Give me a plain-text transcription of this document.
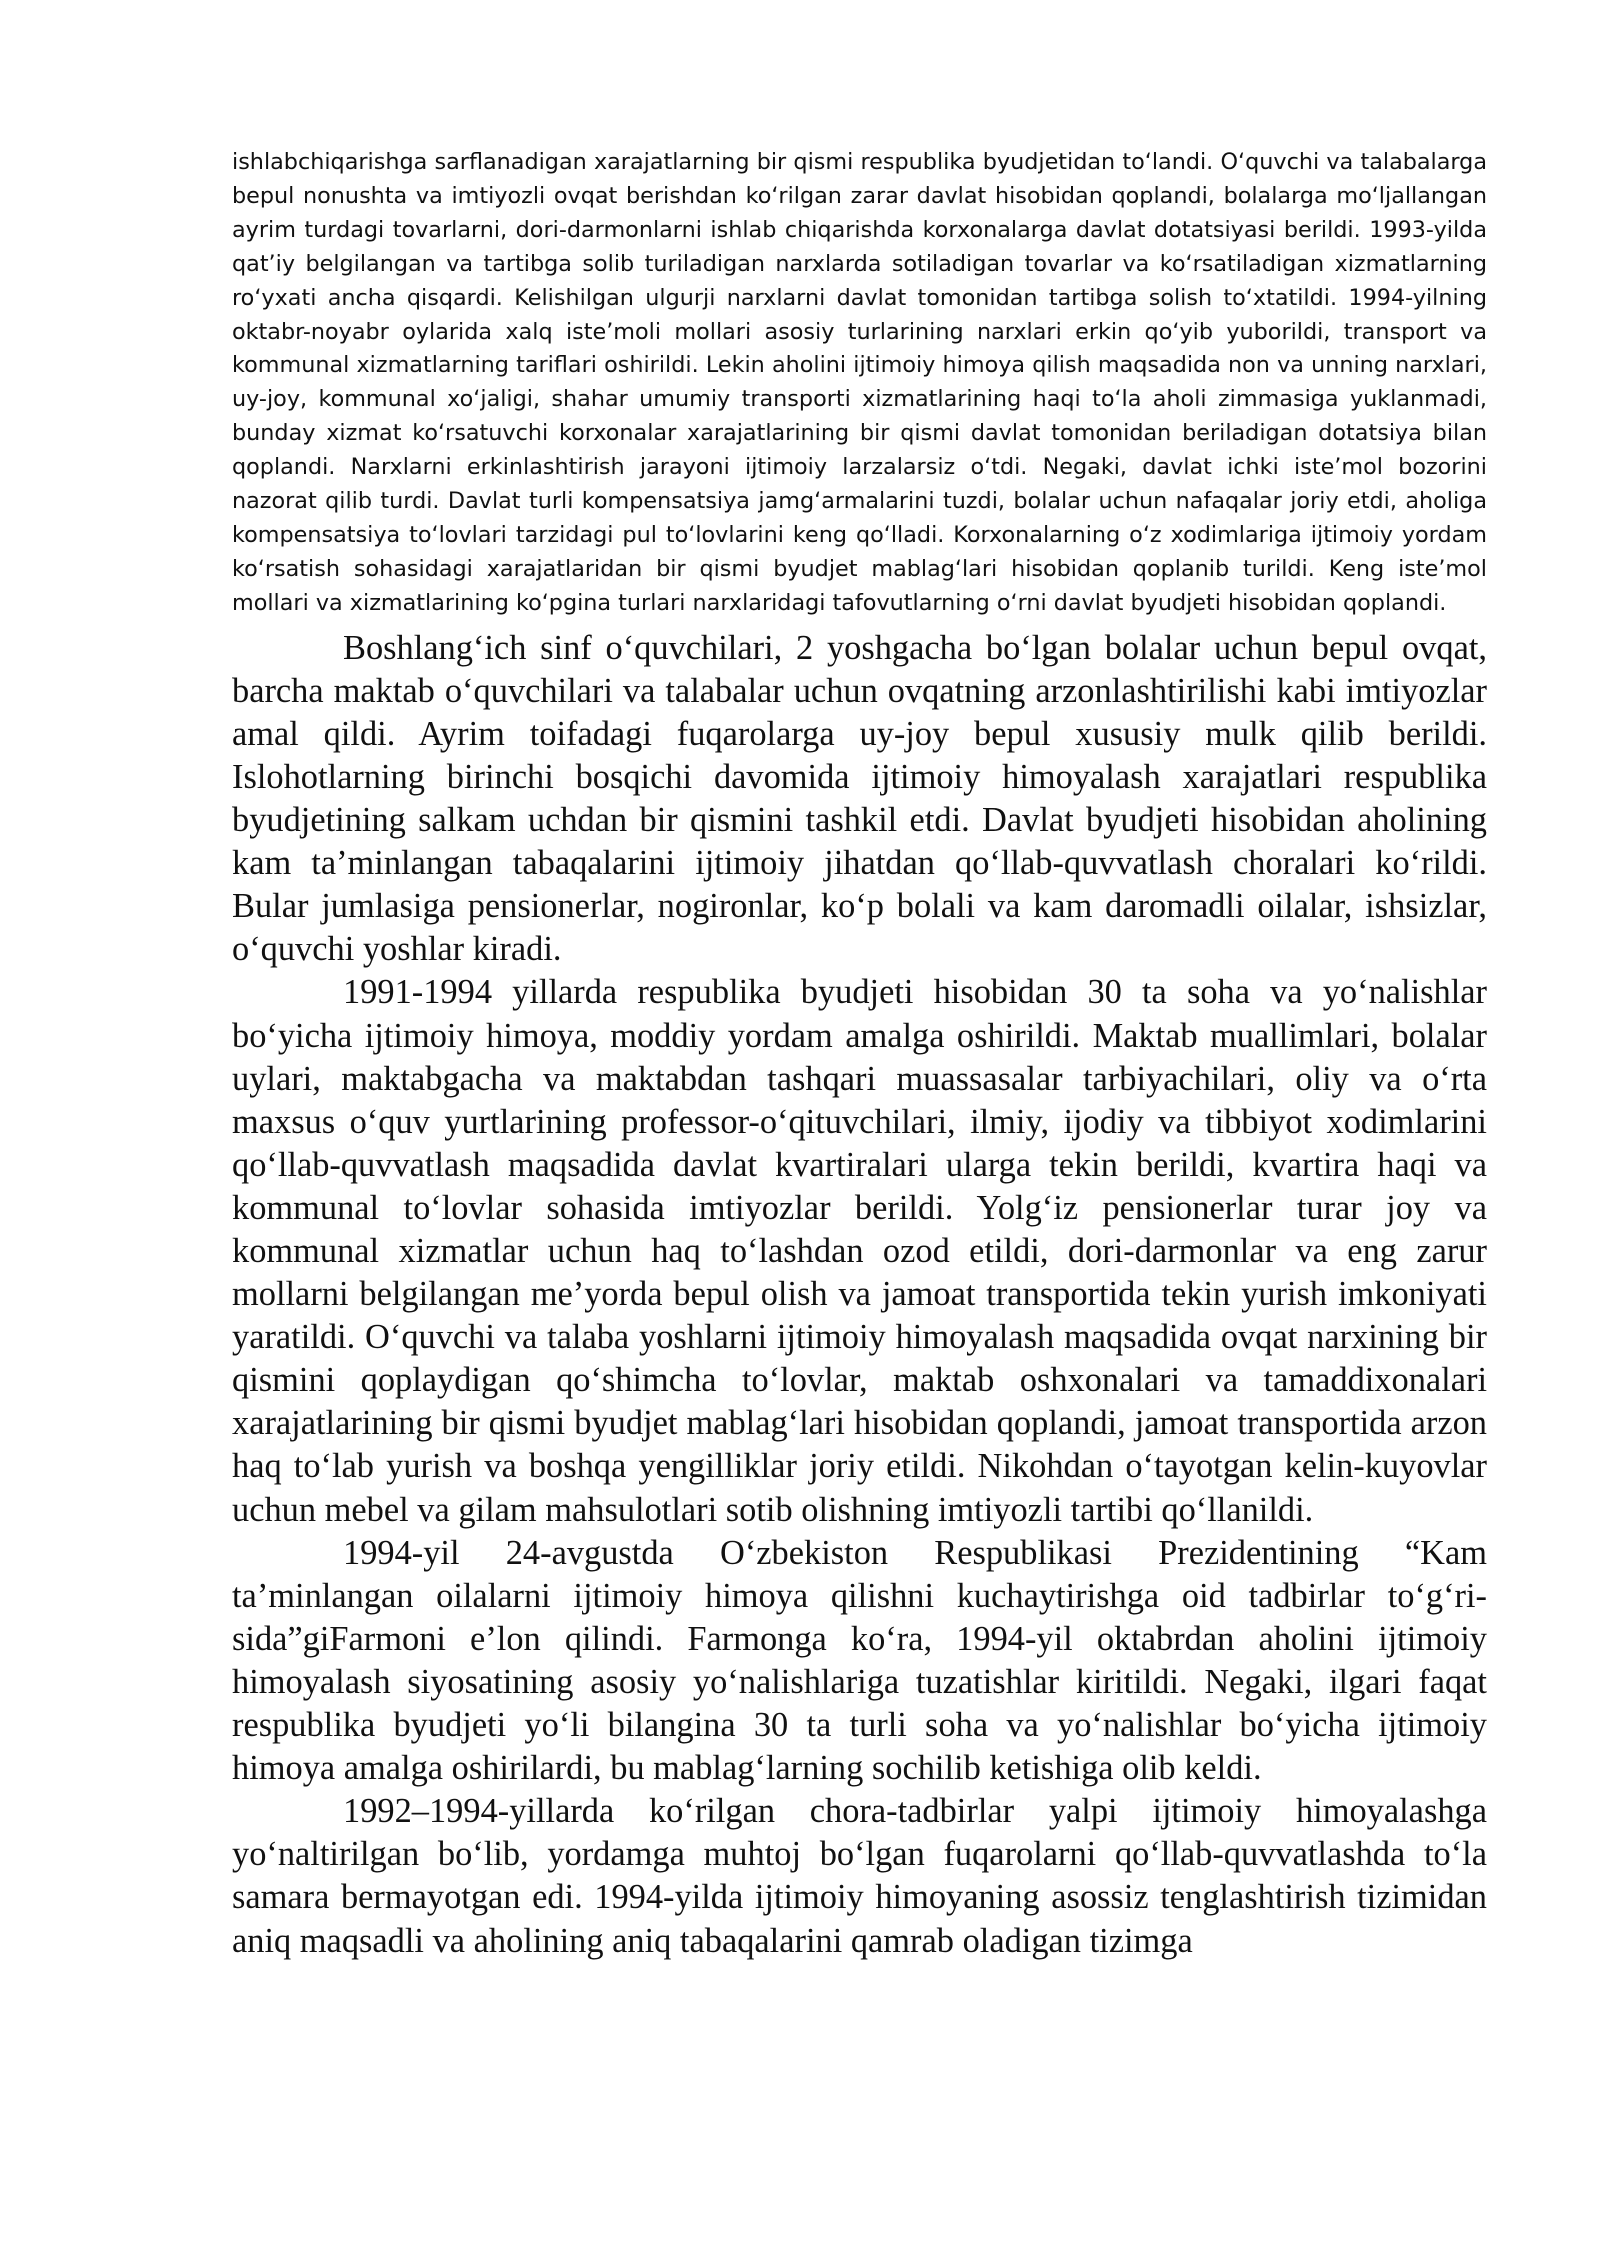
ishlabchiqarishga sarflanadigan xarajatlarning bir qismi respublika byudjetidan to‘landi. O‘quvchi va talabalarga bepul nonushta va imtiyozli ovqat berishdan ko‘rilgan zarar davlat hisobidan qoplandi, bolalarga mo‘ljallangan ayrim turdagi tovarlarni, dori-darmonlarni ishlab chiqarishda korxonalarga davlat dotatsiyasi berildi. 1993-yilda qat’iy belgilangan va tartibga solib turiladigan narxlarda sotiladigan tovarlar va ko‘rsatiladigan xizmatlarning ro‘yxati ancha qisqardi. Kelishilgan ulgurji narxlarni davlat tomonidan tartibga solish to‘xtatildi. 1994-yilning oktabr-noyabr oylarida xalq iste’moli mollari asosiy turlarining narxlari erkin qo‘yib yuborildi, transport va kommunal xizmatlarning tariflari oshirildi. Lekin aholini ijtimoiy himoya qilish maqsadida non va unning narxlari, uy-joy, kommunal xo‘jaligi, shahar umumiy transporti xizmatlarining haqi to‘la aholi zimmasiga yuklanmadi, bunday xizmat ko‘rsatuvchi korxonalar xarajatlarining bir qismi davlat tomonidan beriladigan dotatsiya bilan qoplandi. Narxlarni erkinlashtirish jarayoni ijtimoiy larzalarsiz o‘tdi. Negaki, davlat ichki iste’mol bozorini nazorat qilib turdi. Davlat turli kompensatsiya jamg‘armalarini tuzdi, bolalar uchun nafaqalar joriy etdi, aholiga kompensatsiya to‘lovlari tarzidagi pul to‘lovlarini keng qo‘lladi. Korxonalarning o‘z xodimlariga ijtimoiy yordam ko‘rsatish sohasidagi xarajatlaridan bir qismi byudjet mablag‘lari hisobidan qoplanib turildi. Keng iste’mol mollari va xizmatlarining ko‘pgina turlari narxlaridagi tafovutlarning o‘rni davlat byudjeti hisobidan qoplandi.

Boshlang‘ich sinf o‘quvchilari, 2 yoshgacha bo‘lgan bolalar uchun bepul ovqat, barcha maktab o‘quvchilari va talabalar uchun ovqatning arzonlashtirilishi kabi imtiyozlar amal qildi. Ayrim toifadagi fuqarolarga uy-joy bepul xususiy mulk qilib berildi. Islohotlarning birinchi bosqichi davomida ijtimoiy himoyalash xarajatlari respublika byudjetining salkam uchdan bir qismini tashkil etdi. Davlat byudjeti hisobidan aholining kam ta’minlangan tabaqalarini ijtimoiy jihatdan qo‘llab-quvvatlash choralari ko‘rildi. Bular jumlasiga pensionerlar, nogironlar, ko‘p bolali va kam daromadli oilalar, ishsizlar, o‘quvchi yoshlar kiradi.

1991-1994 yillarda respublika byudjeti hisobidan 30 ta soha va yo‘nalishlar bo‘yicha ijtimoiy himoya, moddiy yordam amalga oshirildi. Maktab muallimlari, bolalar uylari, maktabgacha va maktabdan tashqari muassasalar tarbiyachilari, oliy va o‘rta maxsus o‘quv yurtlarining professor-o‘qituvchilari, ilmiy, ijodiy va tibbiyot xodimlarini qo‘llab-quvvatlash maqsadida davlat kvartiralari ularga tekin berildi, kvartira haqi va kommunal to‘lovlar sohasida imtiyozlar berildi. Yolg‘iz pensionerlar turar joy va kommunal xizmatlar uchun haq to‘lashdan ozod etildi, dori-darmonlar va eng zarur mollarni belgilangan me’yorda bepul olish va jamoat transportida tekin yurish imkoniyati yaratildi. O‘quvchi va talaba yoshlarni ijtimoiy himoyalash maqsadida ovqat narxining bir qismini qoplaydigan qo‘shimcha to‘lovlar, maktab oshxonalari va tamaddixonalari xarajatlarining bir qismi byudjet mablag‘lari hisobidan qoplandi, jamoat transportida arzon haq to‘lab yurish va boshqa yengilliklar joriy etildi. Nikohdan o‘tayotgan kelin-kuyovlar uchun mebel va gilam mahsulotlari sotib olishning imtiyozli tartibi qo‘llanildi.

1994-yil 24-avgustda O‘zbekiston Respublikasi Prezidentining “Kam ta’minlangan oilalarni ijtimoiy himoya qilishni kuchaytirishga oid tadbirlar to‘g‘risida”giFarmoni e’lon qilindi. Farmonga ko‘ra, 1994-yil oktabrdan aholini ijtimoiy himoyalash siyosatining asosiy yo‘nalishlariga tuzatishlar kiritildi. Negaki, ilgari faqat respublika byudjeti yo‘li bilangina 30 ta turli soha va yo‘nalishlar bo‘yicha ijtimoiy himoya amalga oshirilardi, bu mablag‘larning sochilib ketishiga olib keldi.

1992–1994-yillarda ko‘rilgan chora-tadbirlar yalpi ijtimoiy himoyalashga yo‘naltirilgan bo‘lib, yordamga muhtoj bo‘lgan fuqarolarni qo‘llab-quvvatlashda to‘la samara bermayotgan edi. 1994-yilda ijtimoiy himoyaning asossiz tenglashtirish tizimidan aniq maqsadli va aholining aniq tabaqalarini qamrab oladigan tizimga
